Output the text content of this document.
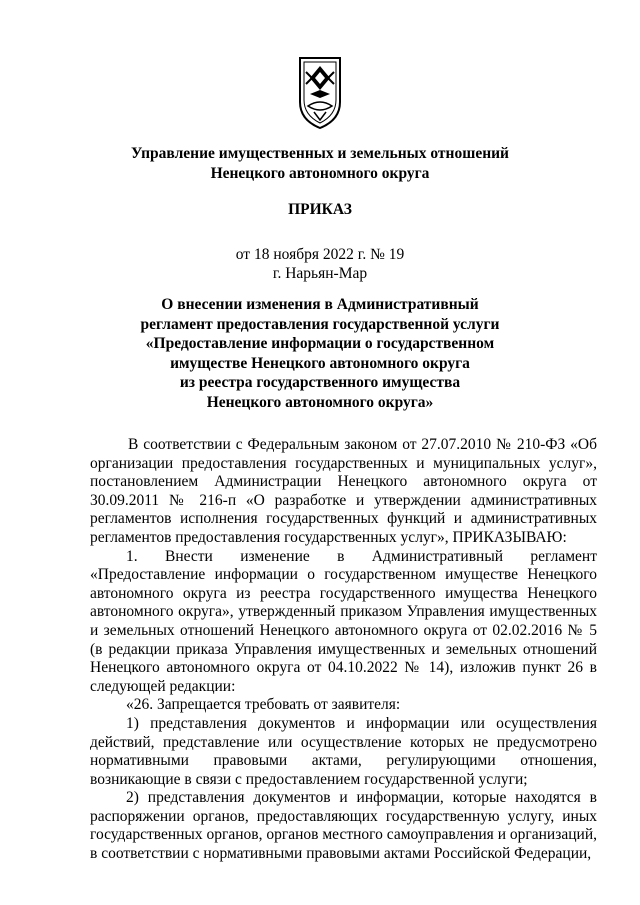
Управление имущественных и земельных отношений
Ненецкого автономного округа
ПРИКАЗ
от 18 ноября 2022 г. № 19
г. Нарьян-Мар
О внесении изменения в Административный
регламент предоставления государственной услуги
«Предоставление информации о государственном
имуществе Ненецкого автономного округа
из реестра государственного имущества
Ненецкого автономного округа»

В соответствии с Федеральным законом от 27.07.2010 № 210-ФЗ «Об организации предоставления государственных и муниципальных услуг», постановлением Администрации Ненецкого автономного округа от 30.09.2011 № 216-п «О разработке и утверждении административных регламентов исполнения государственных функций и административных регламентов предоставления государственных услуг», ПРИКАЗЫВАЮ:

1. Внести изменение в Административный регламент «Предоставление информации о государственном имуществе Ненецкого автономного округа из реестра государственного имущества Ненецкого автономного округа», утвержденный приказом Управления имущественных и земельных отношений Ненецкого автономного округа от 02.02.2016 № 5 (в редакции приказа Управления имущественных и земельных отношений Ненецкого автономного округа от 04.10.2022 № 14), изложив пункт 26 в следующей редакции:

«26. Запрещается требовать от заявителя:

1) представления документов и информации или осуществления действий, представление или осуществление которых не предусмотрено нормативными правовыми актами, регулирующими отношения, возникающие в связи с предоставлением государственной услуги;

2) представления документов и информации, которые находятся в распоряжении органов, предоставляющих государственную услугу, иных государственных органов, органов местного самоуправления и организаций, в соответствии с нормативными правовыми актами Российской Федерации,
